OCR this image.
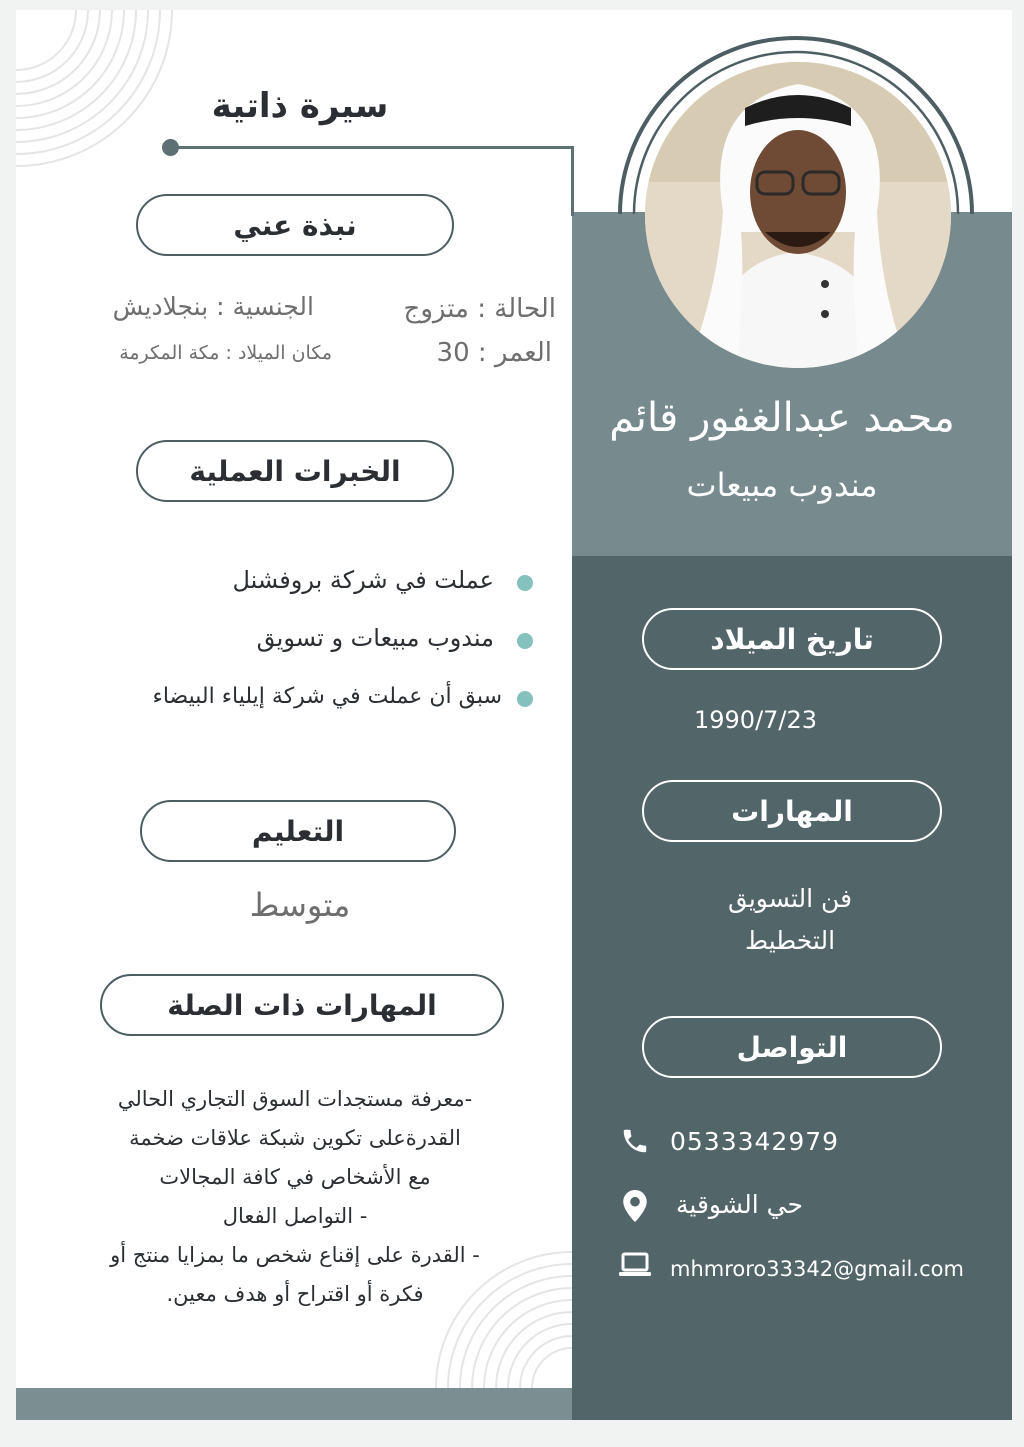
سيرة ذاتية
نبذة عني
الحالة : متزوج
العمر : 30
الجنسية : بنجلاديش
مكان الميلاد : مكة المكرمة
الخبرات العملية
عملت في شركة بروفشنل
مندوب مبيعات و تسويق
سبق أن عملت في شركة إيلياء البيضاء
التعليم
متوسط
المهارات ذات الصلة
-معرفة مستجدات السوق التجاري الحالي
القدرةعلى تكوين شبكة علاقات ضخمة
مع الأشخاص في كافة المجالات
- التواصل الفعال
- القدرة على إقناع شخص ما بمزايا منتج أو
فكرة أو اقتراح أو هدف معين.
محمد عبدالغفور قائم
مندوب مبيعات
تاريخ الميلاد
1990/7/23
المهارات
فن التسويق
التخطيط
التواصل
0533342979
حي الشوقية
mhmroro33342@gmail.com
